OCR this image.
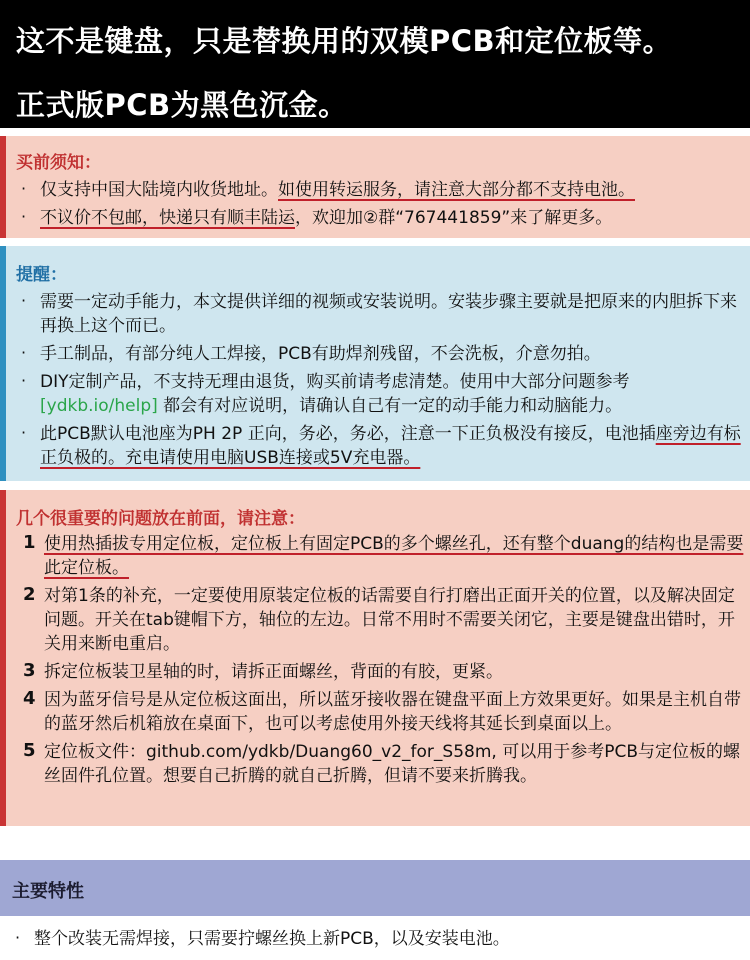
这不是键盘，只是替换用的双模PCB和定位板等。
正式版PCB为黑色沉金。
买前须知：
· 仅支持中国大陆境内收货地址。如使用转运服务，请注意大部分都不支持电池。
· 不议价不包邮，快递只有顺丰陆运，欢迎加②群“767441859”来了解更多。
提醒：
· 需要一定动手能力，本文提供详细的视频或安装说明。安装步骤主要就是把原来的内胆拆下来再换上这个而已。
· 手工制品，有部分纯人工焊接，PCB有助焊剂残留，不会洗板，介意勿拍。
· DIY定制产品，不支持无理由退货，购买前请考虑清楚。使用中大部分问题参考 [ydkb.io/help] 都会有对应说明，请确认自己有一定的动手能力和动脑能力。
· 此PCB默认电池座为PH 2P 正向，务必，务必，注意一下正负极没有接反，电池插座旁边有标正负极的。充电请使用电脑USB连接或5V充电器。
几个很重要的问题放在前面，请注意：
1 使用热插拔专用定位板，定位板上有固定PCB的多个螺丝孔，还有整个duang的结构也是需要此定位板。
2 对第1条的补充，一定要使用原装定位板的话需要自行打磨出正面开关的位置，以及解决固定问题。开关在tab键帽下方，轴位的左边。日常不用时不需要关闭它，主要是键盘出错时，开关用来断电重启。
3 拆定位板装卫星轴的时，请拆正面螺丝，背面的有胶，更紧。
4 因为蓝牙信号是从定位板这面出，所以蓝牙接收器在键盘平面上方效果更好。如果是主机自带的蓝牙然后机箱放在桌面下，也可以考虑使用外接天线将其延长到桌面以上。
5 定位板文件：github.com/ydkb/Duang60_v2_for_S58m, 可以用于参考PCB与定位板的螺丝固件孔位置。想要自己折腾的就自己折腾，但请不要来折腾我。
主要特性
· 整个改装无需焊接，只需要拧螺丝换上新PCB，以及安装电池。
